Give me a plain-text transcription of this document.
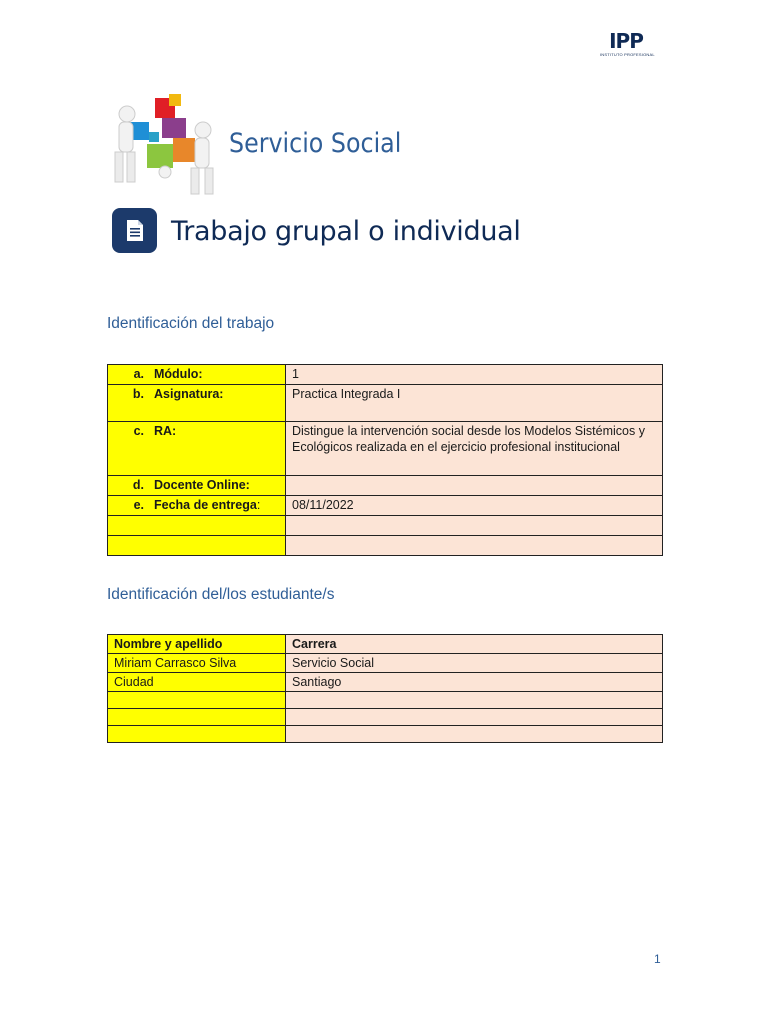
IPP
INSTITUTO PROFESIONAL
Servicio Social
Trabajo grupal o individual
Identificación del trabajo
a. Módulo:	1
b. Asignatura:	Practica Integrada I
c. RA:	Distingue la intervención social desde los Modelos Sistémicos y Ecológicos realizada en el ejercicio profesional institucional
d. Docente Online:	
e. Fecha de entrega:	08/11/2022

Identificación del/los estudiante/s
Nombre y apellido	Carrera
Miriam Carrasco Silva	Servicio Social
Ciudad	Santiago

1
